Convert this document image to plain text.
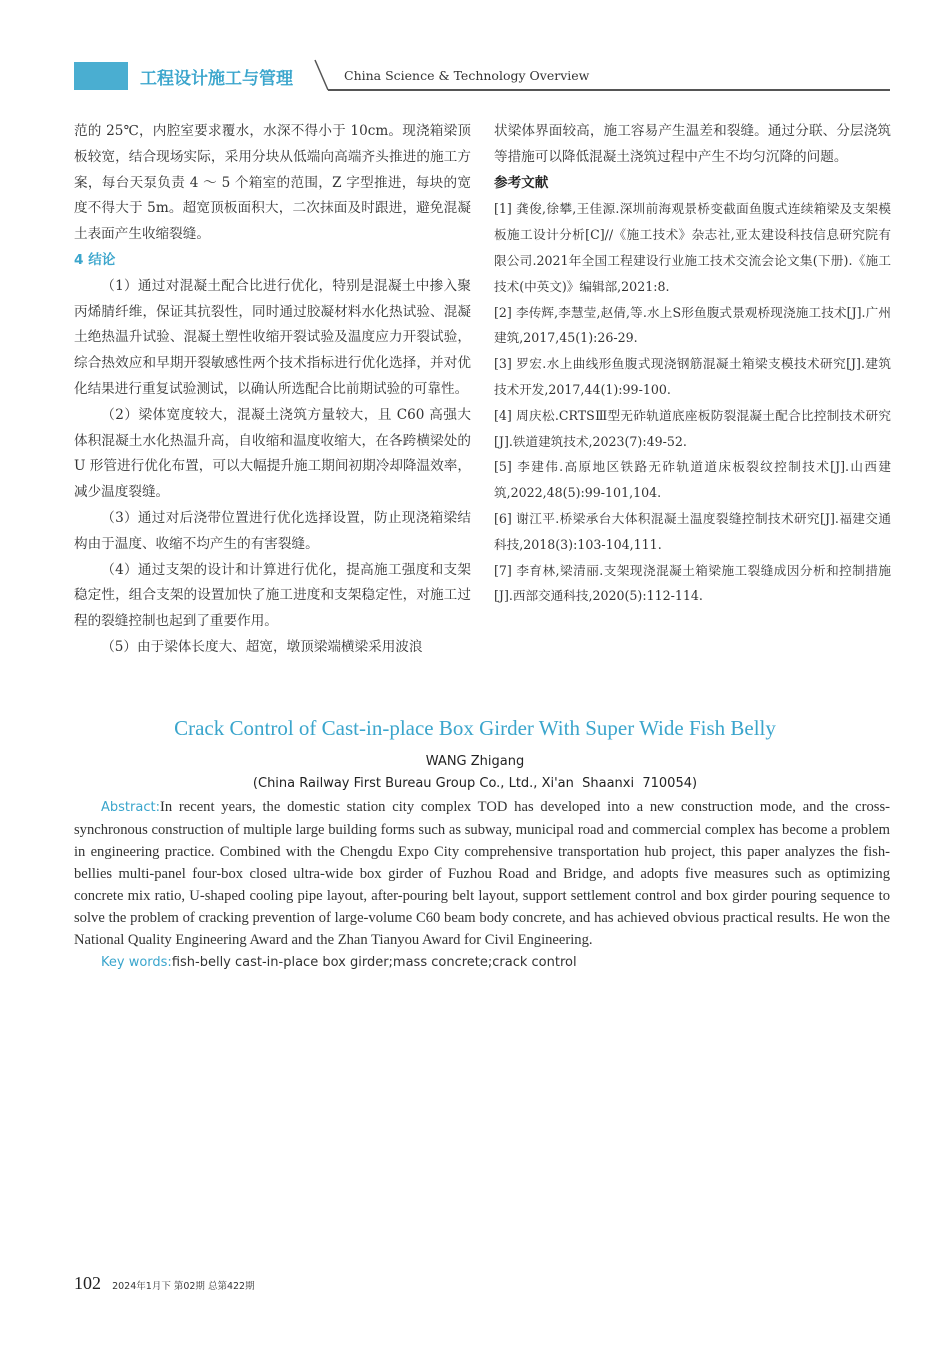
工程设计施工与管理	China Science & Technology Overview

范的 25℃，内腔室要求覆水，水深不得小于 10cm。现浇箱梁顶板较宽，结合现场实际，采用分块从低端向高端齐头推进的施工方案，每台天泵负责 4 ～ 5 个箱室的范围，Z 字型推进，每块的宽度不得大于 5m。超宽顶板面积大，二次抹面及时跟进，避免混凝土表面产生收缩裂缝。

4 结论

（1）通过对混凝土配合比进行优化，特别是混凝土中掺入聚丙烯腈纤维，保证其抗裂性，同时通过胶凝材料水化热试验、混凝土绝热温升试验、混凝土塑性收缩开裂试验及温度应力开裂试验，综合热效应和早期开裂敏感性两个技术指标进行优化选择，并对优化结果进行重复试验测试，以确认所选配合比前期试验的可靠性。

（2）梁体宽度较大，混凝土浇筑方量较大，且 C60 高强大体积混凝土水化热温升高，自收缩和温度收缩大，在各跨横梁处的 U 形管进行优化布置，可以大幅提升施工期间初期冷却降温效率，减少温度裂缝。

（3）通过对后浇带位置进行优化选择设置，防止现浇箱梁结构由于温度、收缩不均产生的有害裂缝。

（4）通过支架的设计和计算进行优化，提高施工强度和支架稳定性，组合支架的设置加快了施工进度和支架稳定性，对施工过程的裂缝控制也起到了重要作用。

（5）由于梁体长度大、超宽，墩顶梁端横梁采用波浪

状梁体界面较高，施工容易产生温差和裂缝。通过分联、分层浇筑等措施可以降低混凝土浇筑过程中产生不均匀沉降的问题。

参考文献

[1] 龚俊,徐攀,王佳源.深圳前海观景桥变截面鱼腹式连续箱梁及支架模板施工设计分析[C]//《施工技术》杂志社,亚太建设科技信息研究院有限公司.2021年全国工程建设行业施工技术交流会论文集(下册).《施工技术(中英文)》编辑部,2021:8.

[2] 李传辉,李慧莹,赵倩,等.水上S形鱼腹式景观桥现浇施工技术[J].广州建筑,2017,45(1):26-29.

[3] 罗宏.水上曲线形鱼腹式现浇钢筋混凝土箱梁支模技术研究[J].建筑技术开发,2017,44(1):99-100.

[4] 周庆松.CRTSⅢ型无砟轨道底座板防裂混凝土配合比控制技术研究[J].铁道建筑技术,2023(7):49-52.

[5] 李建伟.高原地区铁路无砟轨道道床板裂纹控制技术[J].山西建筑,2022,48(5):99-101,104.

[6] 谢江平.桥梁承台大体积混凝土温度裂缝控制技术研究[J].福建交通科技,2018(3):103-104,111.

[7] 李育林,梁清丽.支架现浇混凝土箱梁施工裂缝成因分析和控制措施[J].西部交通科技,2020(5):112-114.

Crack Control of Cast-in-place Box Girder With Super Wide Fish Belly
WANG Zhigang
(China Railway First Bureau Group Co., Ltd., Xi'an  Shaanxi  710054)

Abstract:In recent years, the domestic station city complex TOD has developed into a new construction mode, and the cross-synchronous construction of multiple large building forms such as subway, municipal road and commercial complex has become a problem in engineering practice. Combined with the Chengdu Expo City comprehensive transportation hub project, this paper analyzes the fish-bellies multi-panel four-box closed ultra-wide box girder of Fuzhou Road and Bridge, and adopts five measures such as optimizing concrete mix ratio, U-shaped cooling pipe layout, after-pouring belt layout, support settlement control and box girder pouring sequence to solve the problem of cracking prevention of large-volume C60 beam body concrete, and has achieved obvious practical results. He won the National Quality Engineering Award and the Zhan Tianyou Award for Civil Engineering.

Key words:fish-belly cast-in-place box girder;mass concrete;crack control

102 2024年1月下 第02期 总第422期
